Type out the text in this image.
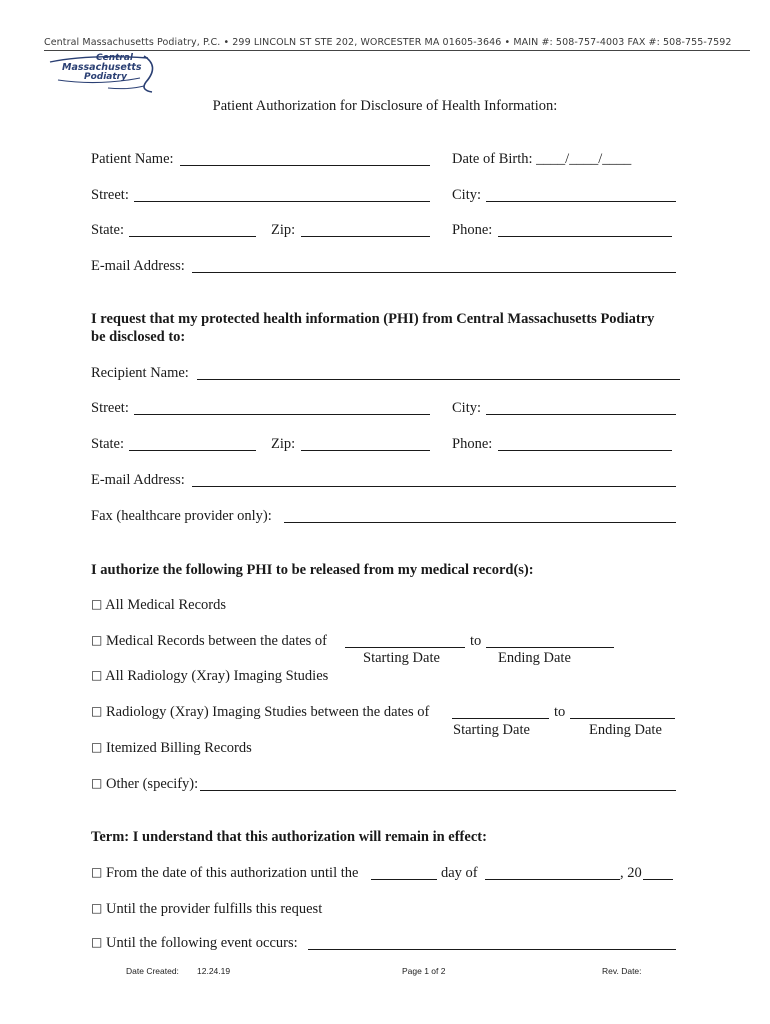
Central Massachusetts Podiatry, P.C. • 299 LINCOLN ST STE 202, WORCESTER MA 01605-3646 • MAIN #: 508-757-4003 FAX #: 508-755-7592
Central
Massachusetts
Podiatry
Patient Authorization for Disclosure of Health Information:
Patient Name:	Date of Birth: ____/____/____
Street:	City:
State:	Zip:	Phone:
E-mail Address:
I request that my protected health information (PHI) from Central Massachusetts Podiatry
be disclosed to:
Recipient Name:
Street:	City:
State:	Zip:	Phone:
E-mail Address:
Fax (healthcare provider only):
I authorize the following PHI to be released from my medical record(s):
□ All Medical Records
□ Medical Records between the dates of	to
Starting Date	Ending Date
□ All Radiology (Xray) Imaging Studies
□ Radiology (Xray) Imaging Studies between the dates of	to
Starting Date	Ending Date
□ Itemized Billing Records
□ Other (specify):
Term: I understand that this authorization will remain in effect:
□ From the date of this authorization until the	day of	, 20
□ Until the provider fulfills this request
□ Until the following event occurs:
Date Created: 12.24.19	Page 1 of 2	Rev. Date:
